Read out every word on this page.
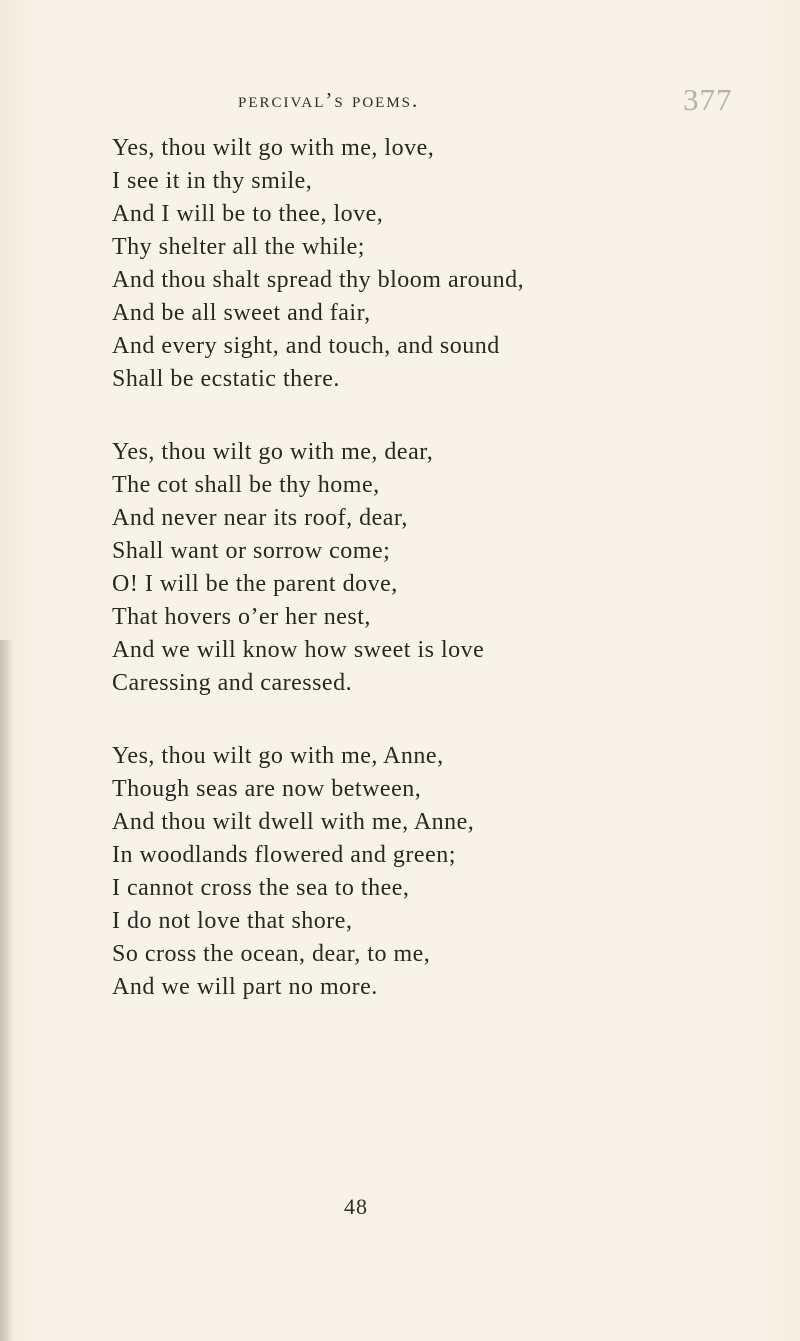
percival’s poems.	377
Yes, thou wilt go with me, love,
I see it in thy smile,
And I will be to thee, love,
Thy shelter all the while;
And thou shalt spread thy bloom around,
And be all sweet and fair,
And every sight, and touch, and sound
Shall be ecstatic there.
Yes, thou wilt go with me, dear,
The cot shall be thy home,
And never near its roof, dear,
Shall want or sorrow come;
O! I will be the parent dove,
That hovers o’er her nest,
And we will know how sweet is love
Caressing and caressed.
Yes, thou wilt go with me, Anne,
Though seas are now between,
And thou wilt dwell with me, Anne,
In woodlands flowered and green;
I cannot cross the sea to thee,
I do not love that shore,
So cross the ocean, dear, to me,
And we will part no more.
48
